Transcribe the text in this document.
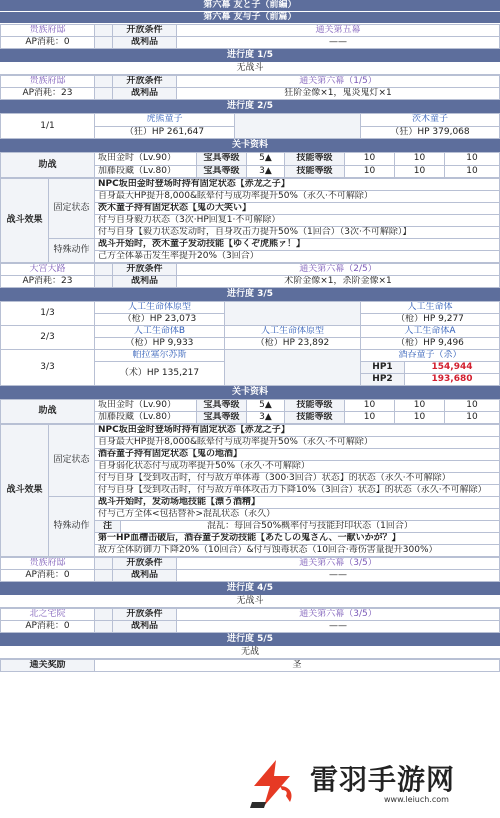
第六幕 友と子（前編）
第六幕 友与子（前篇）
贵族府邸		开放条件	通关第五幕
AP消耗：0		战利品	——
进行度 1/5
无战斗
贵族府邸		开放条件	通关第六幕（1/5）
AP消耗：23		战利品	狂阶金像×1，鬼炎鬼灯×1
进行度 2/5
1/1	虎熊童子		茨木童子
	（狂）HP 261,647		（狂）HP 379,068
关卡资料
助战	坂田金时（Lv.90）	宝具等级	5▲	技能等级	10	10	10
	加藤段藏（Lv.80）	宝具等级	3▲	技能等级	10	10	10
战斗效果	固定状态	NPC坂田金时登场时持有固定状态【赤龙之子】
		自身最大HP提升8,000&眩晕付与成功率提升50%（永久·不可解除）
		茨木童子持有固定状态【鬼の大笑い】
		付与自身毅力状态（3次·HP回复1·不可解除）
		付与自身【毅力状态发动时，自身攻击力提升50%（1回合）（3次·不可解除）】
	特殊动作	战斗开始时，茨木童子发动技能【ゆくぞ虎熊ァ！】
		己方全体暴击发生率提升20%（3回合）
大宫大路		开放条件	通关第六幕（2/5）
AP消耗：23		战利品	术阶金像×1，杀阶金像×1
进行度 3/5
1/3	人工生命体原型		人工生命体	
	（枪）HP 23,073		（枪）HP 9,277	
2/3	人工生命体B	人工生命体原型	人工生命体A	
	（枪）HP 9,933	（枪）HP 23,892	（枪）HP 9,496	
3/3	帕拉塞尔苏斯		酒吞童子（杀）	
	（术）HP 135,217		HP1	154,944
			HP2	193,680
关卡资料
助战	坂田金时（Lv.90）	宝具等级	5▲	技能等级	10	10	10
	加藤段藏（Lv.80）	宝具等级	3▲	技能等级	10	10	10
战斗效果	固定状态	NPC坂田金时登场时持有固定状态【赤龙之子】	
		自身最大HP提升8,000&眩晕付与成功率提升50%（永久·不可解除）	
		酒吞童子持有固定状态【鬼の地酒】	
		自身弱化状态付与成功率提升50%（永久·不可解除）	
		付与自身【受到攻击时，付与敌方单体毒（300·3回合）状态】的状态（永久·不可解除）	
		付与自身【受到攻击时，付与敌方单体攻击力下降10%（3回合）状态】的状态（永久·不可解除）	
	特殊动作	战斗开始时，发动场地技能【漂う酒精】	
		付与己方全体<包括替补>混乱状态（永久）	
		注	混乱：每回合50%概率付与技能封印状态（1回合）
		第一HP血槽击破后，酒吞童子发动技能【あたしの鬼さん、一献いかが？】	
		敌方全体防御力下降20%（10回合）&付与蚀毒状态（10回合·毒伤害量提升300%）	
贵族府邸		开放条件	通关第六幕（3/5）
AP消耗：0		战利品	——
进行度 4/5
无战斗
北之宅院		开放条件	通关第六幕（3/5）
AP消耗：0		战利品	——
进行度 5/5
无战
通关奖励	圣
雷羽手游网
www.leiuch.com
